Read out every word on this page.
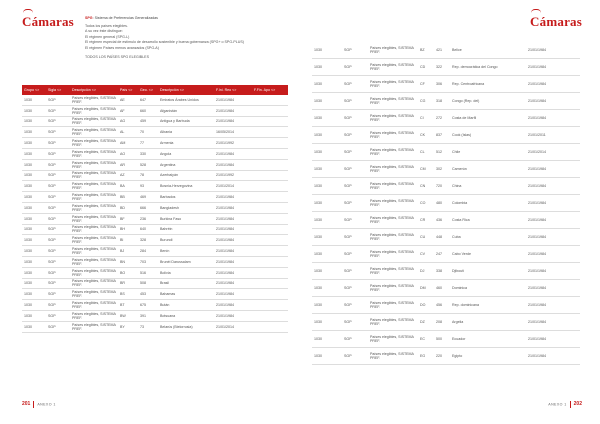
Cámaras	SPG: Sistema de Preferencias Generalizadas
Todos los países elegibles.
A su vez éste distingue:
El régimen general (SPG-L)
El régimen especial de estímulo de desarrollo sostenible y buena gobernanza (SPG+ o SPG-PLUS)
El régimen Países menos avanzados (SPG-A)
TODOS LOS PAÍSES SPG ELEGIBLES
Grupo <>	Sigla <>	Descripción <>	País <>	Geo. <>	Descripción <>	F.Ini. Reo <>	F.Fin. Apo <>
1030	SGP	Países elegibles, SISTEMA PREF.	AE	647	Emiratos Árabes Unidos	21/01/1984	
1030	SGP	Países elegibles, SISTEMA PREF.	AF	660	Afganistán	21/01/1984	
1030	SGP	Países elegibles, SISTEMA PREF.	AG	459	Antigua y Barbuda	21/01/1984	
1030	SGP	Países elegibles, SISTEMA PREF.	AL	70	Albania	16/05/2014	
1030	SGP	Países elegibles, SISTEMA PREF.	AM	77	Armenia	21/01/1992	
1030	SGP	Países elegibles, SISTEMA PREF.	AO	330	Angola	21/01/1984	
1030	SGP	Países elegibles, SISTEMA PREF.	AR	528	Argentina	21/01/1984	
1030	SGP	Países elegibles, SISTEMA PREF.	AZ	78	Azerbaiyán	21/01/1992	
1030	SGP	Países elegibles, SISTEMA PREF.	BA	93	Bosnia-Herzegovina	21/01/2014	
1030	SGP	Países elegibles, SISTEMA PREF.	BB	469	Barbados	21/01/1984	
1030	SGP	Países elegibles, SISTEMA PREF.	BD	666	Bangladesh	21/01/1984	
1030	SGP	Países elegibles, SISTEMA PREF.	BF	236	Burkina Faso	21/01/1984	
1030	SGP	Países elegibles, SISTEMA PREF.	BH	640	Bahréin	21/01/1984	
1030	SGP	Países elegibles, SISTEMA PREF.	BI	328	Burundi	21/01/1984	
1030	SGP	Países elegibles, SISTEMA PREF.	BJ	284	Benín	21/01/1984	
1030	SGP	Países elegibles, SISTEMA PREF.	BN	703	Brunéi Darussalam	21/01/1984	
1030	SGP	Países elegibles, SISTEMA PREF.	BO	516	Bolivia	21/01/1984	
1030	SGP	Países elegibles, SISTEMA PREF.	BR	508	Brasil	21/01/1984	
1030	SGP	Países elegibles, SISTEMA PREF.	BS	453	Bahamas	21/01/1984	
1030	SGP	Países elegibles, SISTEMA PREF.	BT	675	Bután	21/01/1984	
1030	SGP	Países elegibles, SISTEMA PREF.	BW	391	Botsuana	21/01/1984	
1030	SGP	Países elegibles, SISTEMA PREF.	BY	73	Belarús (Bielorrusia)	21/01/2014	
201 ANEXO 1
Cámaras
1030	SGP	Países elegibles, SISTEMA PREF.	BZ	421	Belice	21/01/1984
1030	SGP	Países elegibles, SISTEMA PREF.	CD	322	Rep. democrática del Congo	21/01/1984
1030	SGP	Países elegibles, SISTEMA PREF.	CF	306	Rep. Centroafricana	21/01/1984
1030	SGP	Países elegibles, SISTEMA PREF.	CG	318	Congo (Rep. del)	21/01/1984
1030	SGP	Países elegibles, SISTEMA PREF.	CI	272	Costa de Marfil	21/01/1984
1030	SGP	Países elegibles, SISTEMA PREF.	CK	837	Cook (Islas)	21/01/2011
1030	SGP	Países elegibles, SISTEMA PREF.	CL	512	Chile	21/01/2014
1030	SGP	Países elegibles, SISTEMA PREF.	CM	302	Camerún	21/01/1984
1030	SGP	Países elegibles, SISTEMA PREF.	CN	720	China	21/01/1984
1030	SGP	Países elegibles, SISTEMA PREF.	CO	480	Colombia	21/01/1984
1030	SGP	Países elegibles, SISTEMA PREF.	CR	436	Costa Rica	21/01/1984
1030	SGP	Países elegibles, SISTEMA PREF.	CU	448	Cuba	21/01/1984
1030	SGP	Países elegibles, SISTEMA PREF.	CV	247	Cabo Verde	21/01/1984
1030	SGP	Países elegibles, SISTEMA PREF.	DJ	338	Djibouti	21/01/1984
1030	SGP	Países elegibles, SISTEMA PREF.	DM	460	Dominica	21/01/1984
1030	SGP	Países elegibles, SISTEMA PREF.	DO	456	Rep. dominicana	21/01/1984
1030	SGP	Países elegibles, SISTEMA PREF.	DZ	208	Argelia	21/01/1984
1030	SGP	Países elegibles, SISTEMA PREF.	EC	500	Ecuador	21/01/1984
1030	SGP	Países elegibles, SISTEMA PREF.	EG	220	Egipto	21/01/1984
ANEXO 1 202
